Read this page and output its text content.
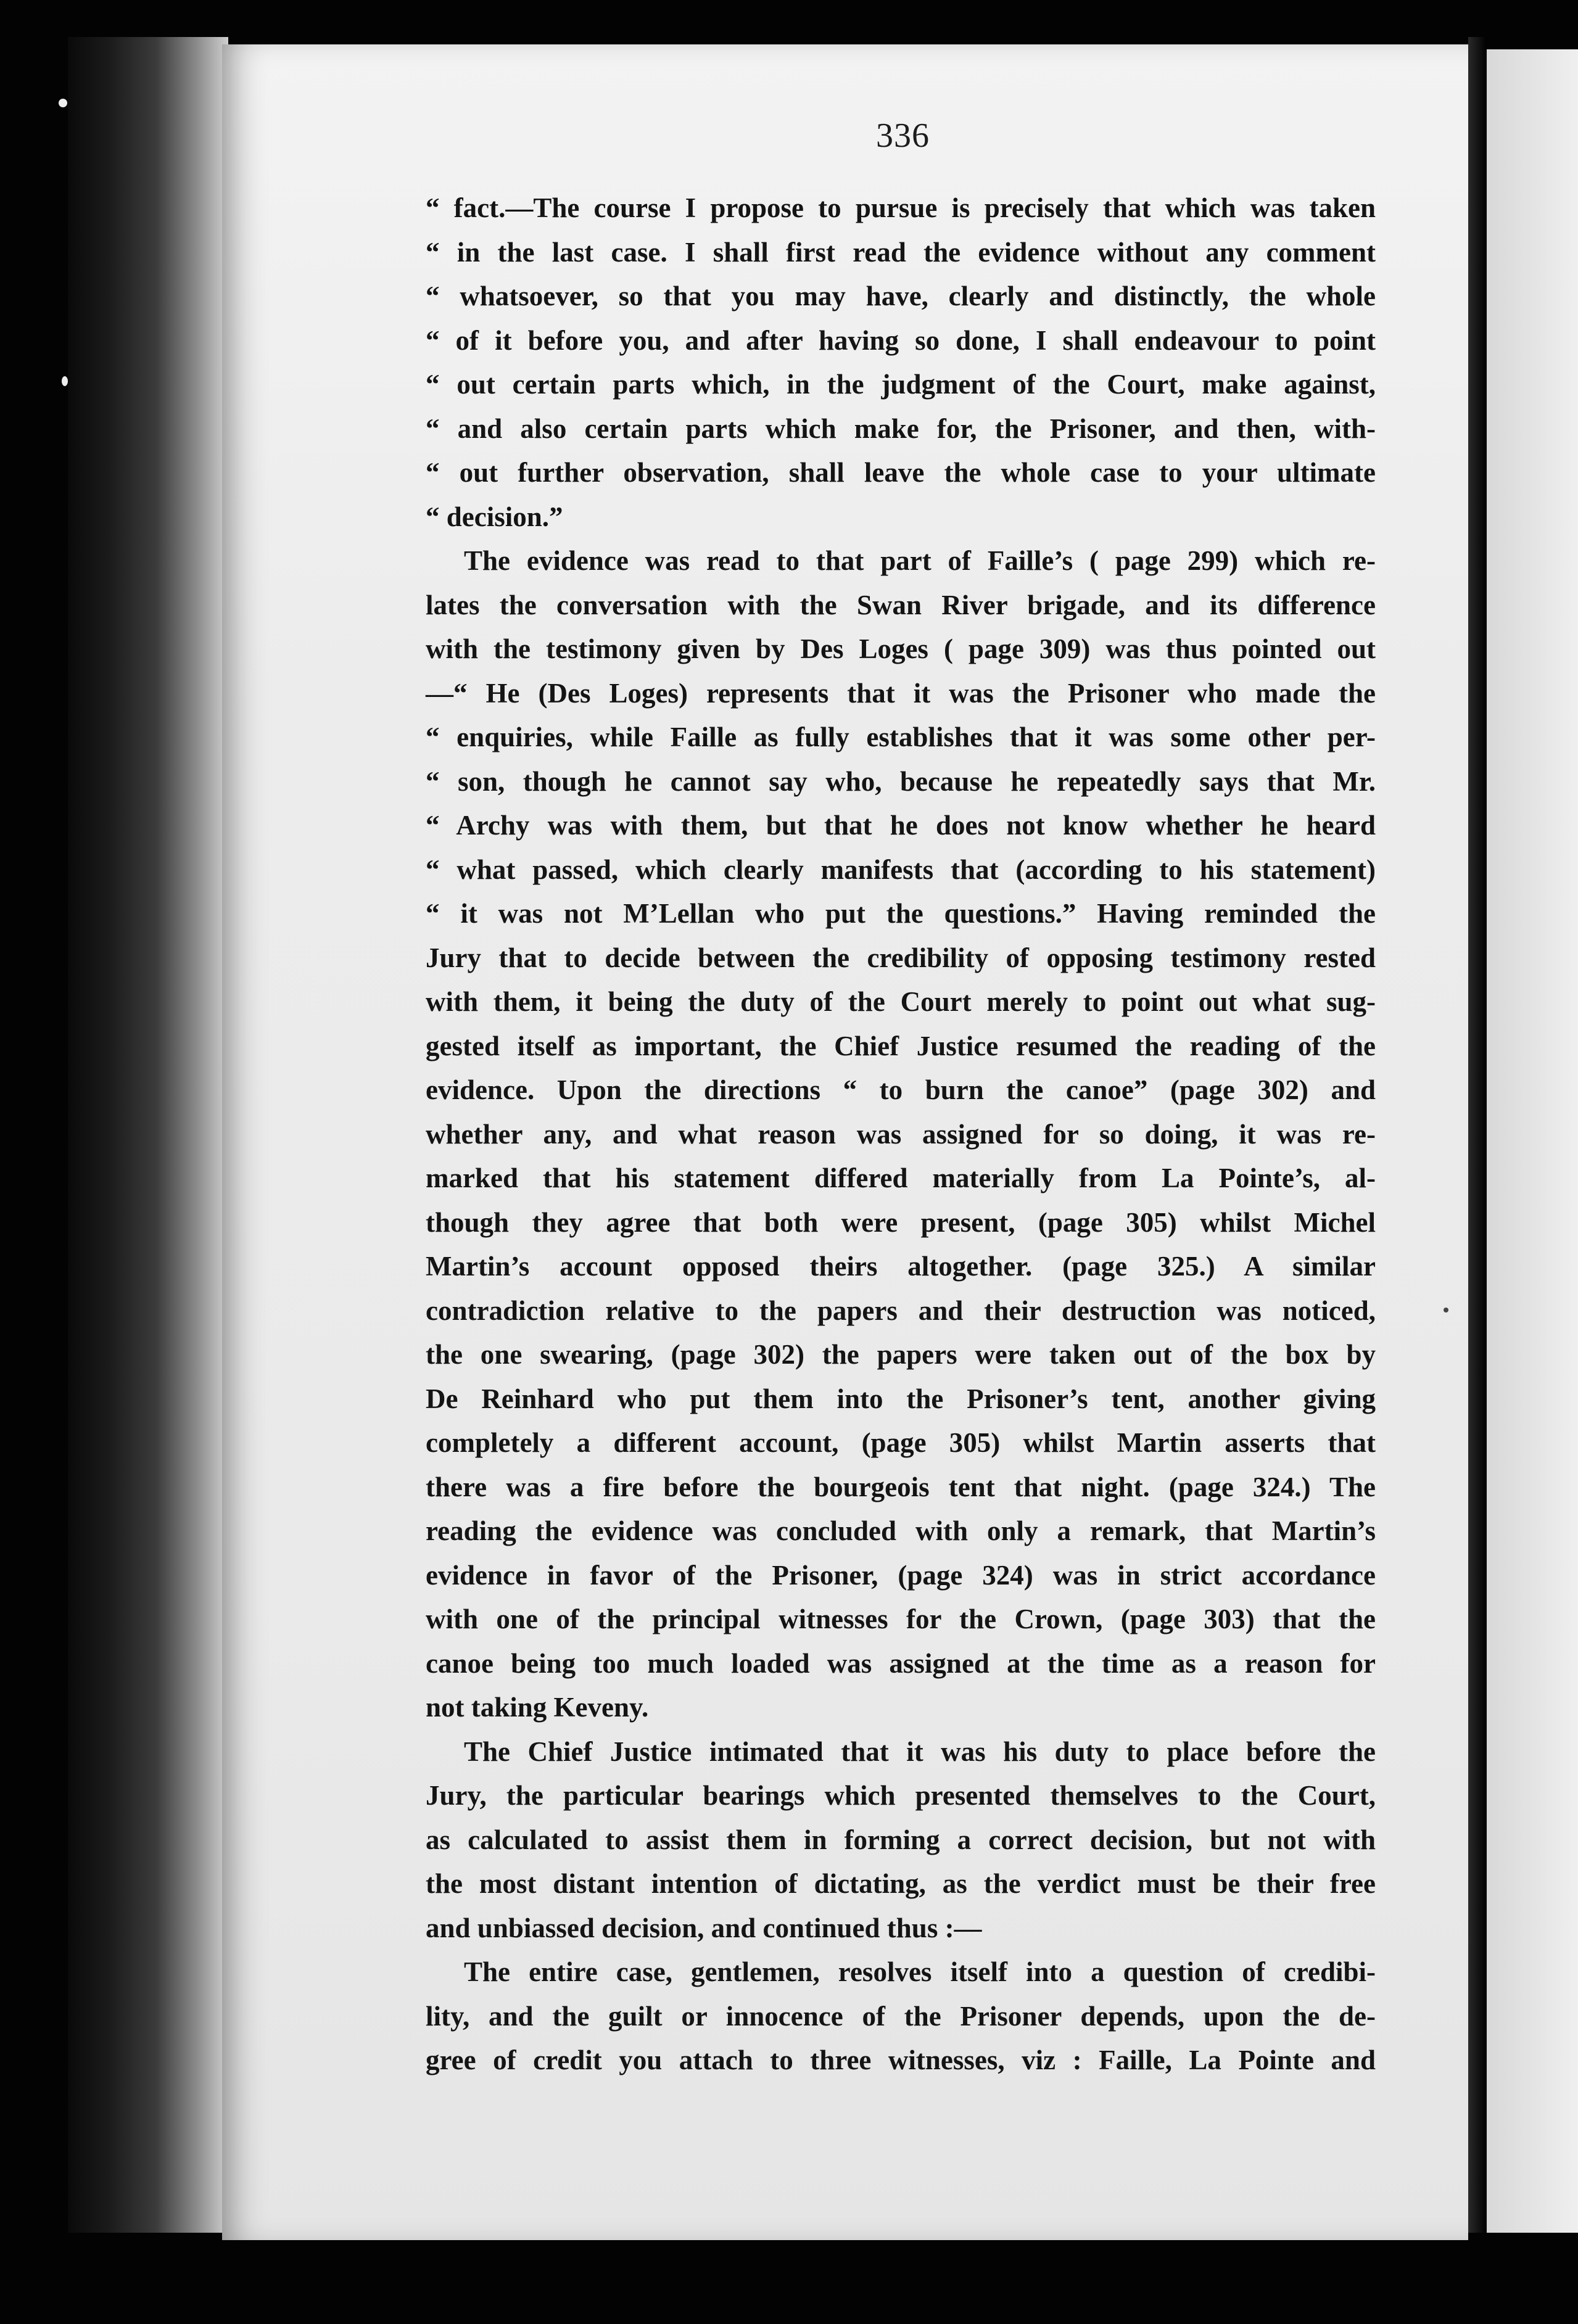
336
“ fact.—The course I propose to pursue is precisely that which was taken
“ in the last case. I shall first read the evidence without any comment
“ whatsoever, so that you may have, clearly and distinctly, the whole
“ of it before you, and after having so done, I shall endeavour to point
“ out certain parts which, in the judgment of the Court, make against,
“ and also certain parts which make for, the Prisoner, and then, with-
“ out further observation, shall leave the whole case to your ultimate
“ decision.”
The evidence was read to that part of Faille’s ( page 299) which re-
lates the conversation with the Swan River brigade, and its difference
with the testimony given by Des Loges ( page 309) was thus pointed out
—“ He (Des Loges) represents that it was the Prisoner who made the
“ enquiries, while Faille as fully establishes that it was some other per-
“ son, though he cannot say who, because he repeatedly says that Mr.
“ Archy was with them, but that he does not know whether he heard
“ what passed, which clearly manifests that (according to his statement)
“ it was not M’Lellan who put the questions.” Having reminded the
Jury that to decide between the credibility of opposing testimony rested
with them, it being the duty of the Court merely to point out what sug-
gested itself as important, the Chief Justice resumed the reading of the
evidence. Upon the directions “ to burn the canoe” (page 302) and
whether any, and what reason was assigned for so doing, it was re-
marked that his statement differed materially from La Pointe’s, al-
though they agree that both were present, (page 305) whilst Michel
Martin’s account opposed theirs altogether. (page 325.) A similar
contradiction relative to the papers and their destruction was noticed,
the one swearing, (page 302) the papers were taken out of the box by
De Reinhard who put them into the Prisoner’s tent, another giving
completely a different account, (page 305) whilst Martin asserts that
there was a fire before the bourgeois tent that night. (page 324.) The
reading the evidence was concluded with only a remark, that Martin’s
evidence in favor of the Prisoner, (page 324) was in strict accordance
with one of the principal witnesses for the Crown, (page 303) that the
canoe being too much loaded was assigned at the time as a reason for
not taking Keveny.
The Chief Justice intimated that it was his duty to place before the
Jury, the particular bearings which presented themselves to the Court,
as calculated to assist them in forming a correct decision, but not with
the most distant intention of dictating, as the verdict must be their free
and unbiassed decision, and continued thus :—
The entire case, gentlemen, resolves itself into a question of credibi-
lity, and the guilt or innocence of the Prisoner depends, upon the de-
gree of credit you attach to three witnesses, viz : Faille, La Pointe and
